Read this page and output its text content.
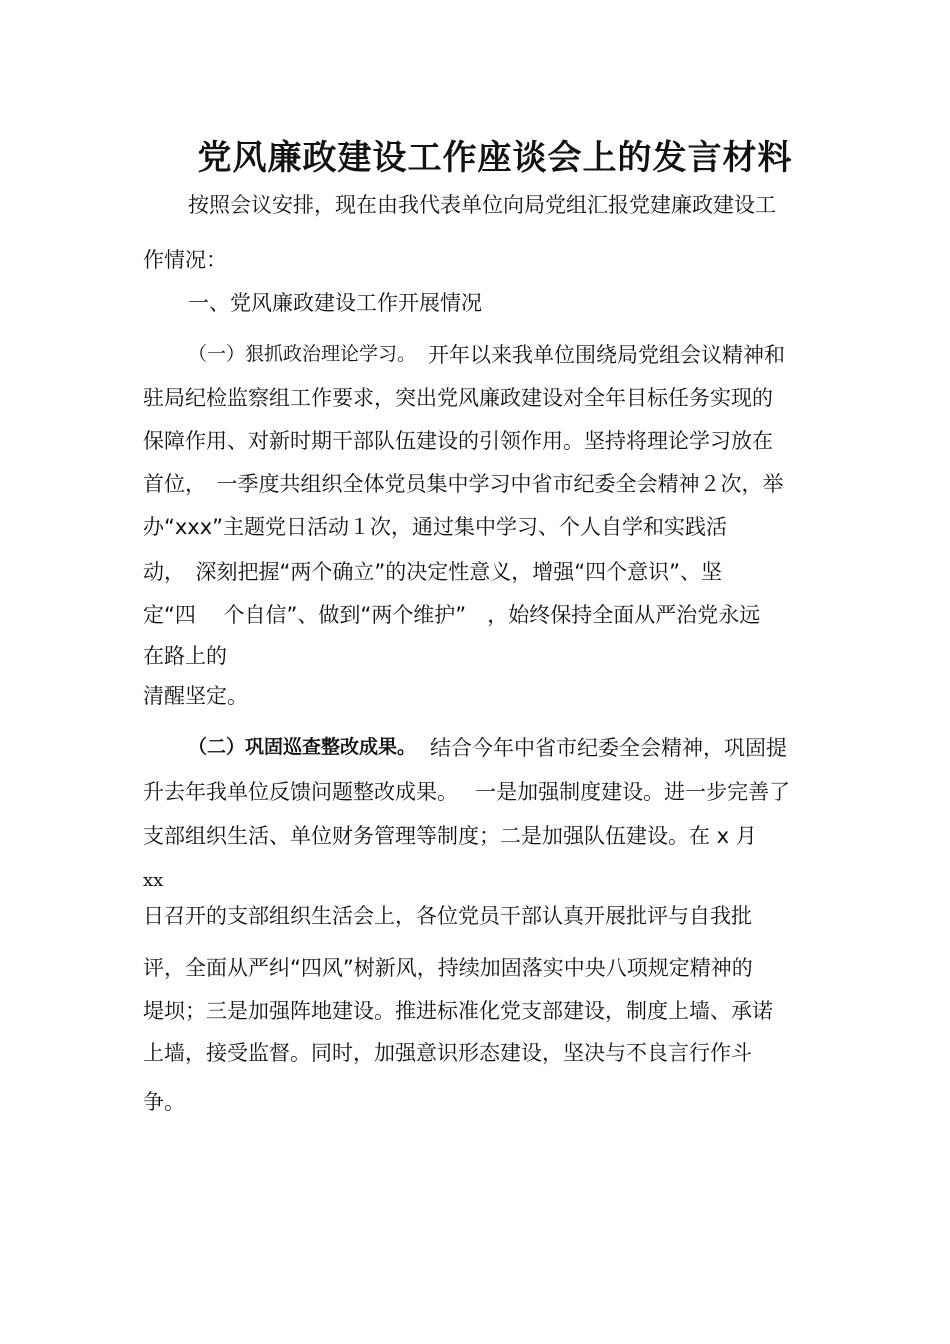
党风廉政建设工作座谈会上的发言材料
按照会议安排，现在由我代表单位向局党组汇报党建廉政建设工
作情况：
一、党风廉政建设工作开展情况
（一）狠抓政治理论学习。 开年以来我单位围绕局党组会议精神和
驻局纪检监察组工作要求，突出党风廉政建设对全年目标任务实现的
保障作用、对新时期干部队伍建设的引领作用。坚持将理论学习放在
首位，　一季度共组织全体党员集中学习中省市纪委全会精神２次，举
办“xxx”主题党日活动１次，通过集中学习、个人自学和实践活
动，　深刻把握“两个确立”的决定性意义，增强“四个意识”、坚
定“四　 个自信”、做到“两个维护”　，始终保持全面从严治党永远
在路上的
清醒坚定。
（二）巩固巡查整改成果。 结合今年中省市纪委全会精神，巩固提
升去年我单位反馈问题整改成果。　 一是加强制度建设。进一步完善了
支部组织生活、单位财务管理等制度；二是加强队伍建设。在 x 月
xx
日召开的支部组织生活会上，各位党员干部认真开展批评与自我批
评，全面从严纠“四风”树新风，持续加固落实中央八项规定精神的
堤坝；三是加强阵地建设。推进标准化党支部建设，制度上墙、承诺
上墙，接受监督。同时，加强意识形态建设，坚决与不良言行作斗
争。
